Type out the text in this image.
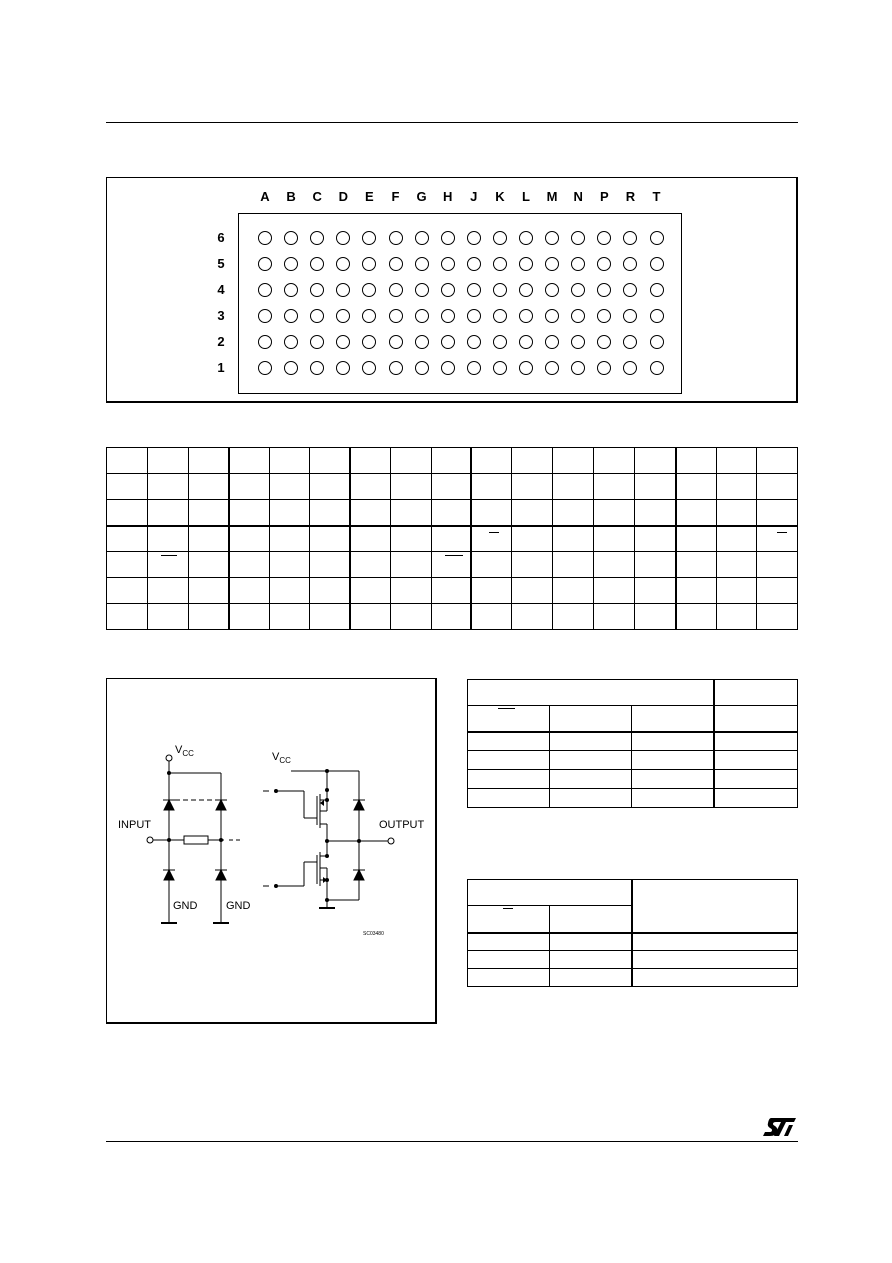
A B C D E	F	G H	J	K	L	M N P R	T
6
5
4
3
2
1

$V_{CC}$	$V_{CC}$
INPUT	OUTPUT
GND	GND
SC03480
